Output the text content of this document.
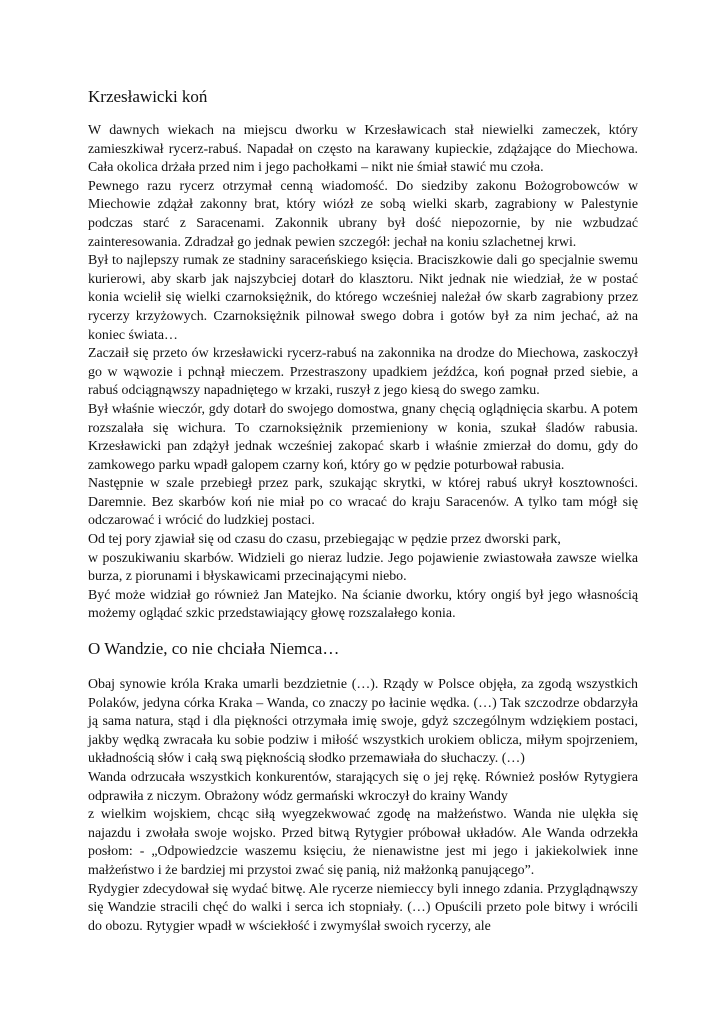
Krzesławicki koń

W dawnych wiekach na miejscu dworku w Krzesławicach stał niewielki zameczek, który zamieszkiwał rycerz-rabuś. Napadał on często na karawany kupieckie, zdążające do Miechowa. Cała okolica drżała przed nim i jego pachołkami – nikt nie śmiał stawić mu czoła.

Pewnego razu rycerz otrzymał cenną wiadomość. Do siedziby zakonu Bożogrobowców w Miechowie zdążał zakonny brat, który wiózł ze sobą wielki skarb, zagrabiony w Palestynie podczas starć z Saracenami. Zakonnik ubrany był dość niepozornie, by nie wzbudzać zainteresowania. Zdradzał go jednak pewien szczegół: jechał na koniu szlachetnej krwi.

Był to najlepszy rumak ze stadniny saraceńskiego księcia. Braciszkowie dali go specjalnie swemu kurierowi, aby skarb jak najszybciej dotarł do klasztoru. Nikt jednak nie wiedział, że w postać konia wcielił się wielki czarnoksiężnik, do którego wcześniej należał ów skarb zagrabiony przez rycerzy krzyżowych. Czarnoksiężnik pilnował swego dobra i gotów był za nim jechać, aż na koniec świata…

Zaczaił się przeto ów krzesławicki rycerz-rabuś na zakonnika na drodze do Miechowa, zaskoczył go w wąwozie i pchnął mieczem. Przestraszony upadkiem jeźdźca, koń pognał przed siebie, a rabuś odciągnąwszy napadniętego w krzaki, ruszył z jego kiesą do swego zamku.

Był właśnie wieczór, gdy dotarł do swojego domostwa, gnany chęcią oglądnięcia skarbu. A potem rozszalała się wichura. To czarnoksiężnik przemieniony w konia, szukał śladów rabusia. Krzesławicki pan zdążył jednak wcześniej zakopać skarb i właśnie zmierzał do domu, gdy do zamkowego parku wpadł galopem czarny koń, który go w pędzie poturbował rabusia.

Następnie w szale przebiegł przez park, szukając skrytki, w której rabuś ukrył kosztowności. Daremnie. Bez skarbów koń nie miał po co wracać do kraju Saracenów. A tylko tam mógł się odczarować i wrócić do ludzkiej postaci.

Od tej pory zjawiał się od czasu do czasu, przebiegając w pędzie przez dworski park,

w poszukiwaniu skarbów. Widzieli go nieraz ludzie. Jego pojawienie zwiastowała zawsze wielka burza, z piorunami i błyskawicami przecinającymi niebo.

Być może widział go również Jan Matejko. Na ścianie dworku, który ongiś był jego własnością możemy oglądać szkic przedstawiający głowę rozszalałego konia.

O Wandzie, co nie chciała Niemca…

Obaj synowie króla Kraka umarli bezdzietnie (…). Rządy w Polsce objęła, za zgodą wszystkich Polaków, jedyna córka Kraka – Wanda, co znaczy po łacinie wędka. (…) Tak szczodrze obdarzyła ją sama natura, stąd i dla piękności otrzymała imię swoje, gdyż szczególnym wdziękiem postaci, jakby wędką zwracała ku sobie podziw i miłość wszystkich urokiem oblicza, miłym spojrzeniem, układnością słów i całą swą pięknością słodko przemawiała do słuchaczy. (…)

Wanda odrzucała wszystkich konkurentów, starających się o jej rękę. Również posłów Rytygiera odprawiła z niczym. Obrażony wódz germański wkroczył do krainy Wandy

z wielkim wojskiem, chcąc siłą wyegzekwować zgodę na małżeństwo. Wanda nie ulękła się najazdu i zwołała swoje wojsko. Przed bitwą Rytygier próbował układów. Ale Wanda odrzekła posłom: - „Odpowiedzcie waszemu księciu, że nienawistne jest mi jego i jakiekolwiek inne małżeństwo i że bardziej mi przystoi zwać się panią, niż małżonką panującego”.

Rydygier zdecydował się wydać bitwę. Ale rycerze niemieccy byli innego zdania. Przyglądnąwszy się Wandzie stracili chęć do walki i serca ich stopniały. (…) Opuścili przeto pole bitwy i wrócili do obozu. Rytygier wpadł w wściekłość i zwymyślał swoich rycerzy, ale
